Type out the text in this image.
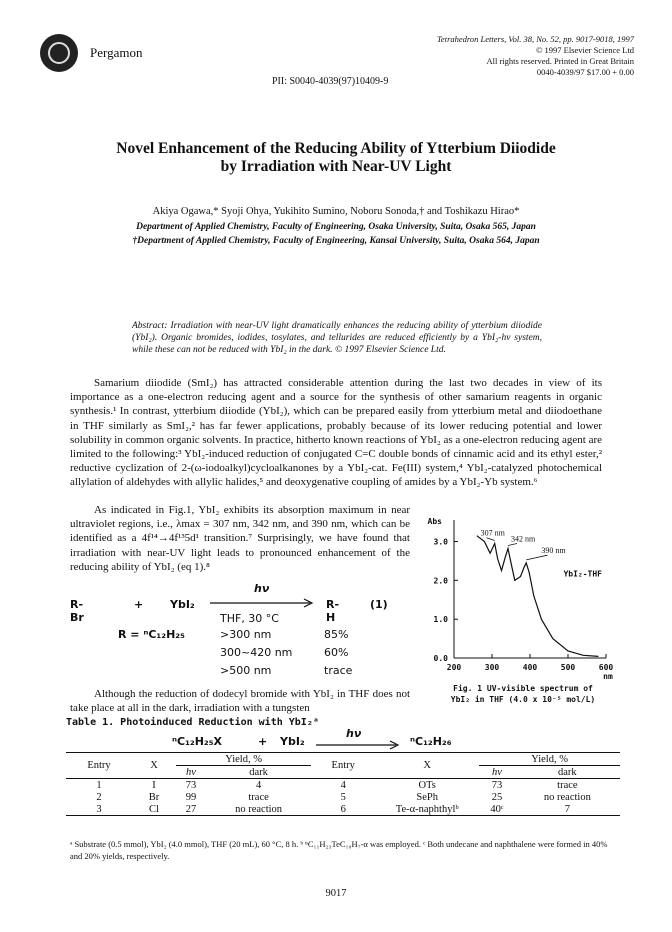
Pergamon
Tetrahedron Letters, Vol. 38, No. 52, pp. 9017-9018, 1997
© 1997 Elsevier Science Ltd
All rights reserved. Printed in Great Britain
0040-4039/97 $17.00 + 0.00
PII: S0040-4039(97)10409-9
Novel Enhancement of the Reducing Ability of Ytterbium Diiodide
by Irradiation with Near-UV Light
Akiya Ogawa,* Syoji Ohya, Yukihito Sumino, Noboru Sonoda,† and Toshikazu Hirao*
Department of Applied Chemistry, Faculty of Engineering, Osaka University, Suita, Osaka 565, Japan
†Department of Applied Chemistry, Faculty of Engineering, Kansai University, Suita, Osaka 564, Japan
Abstract: Irradiation with near-UV light dramatically enhances the reducing ability of ytterbium diiodide (YbI₂). Organic bromides, iodides, tosylates, and tellurides are reduced efficiently by a YbI₂-hν system, while these can not be reduced with YbI₂ in the dark. © 1997 Elsevier Science Ltd.
Samarium diiodide (SmI₂) has attracted considerable attention during the last two decades in view of its importance as a one-electron reducing agent and a source for the synthesis of other samarium reagents in organic synthesis.¹ In contrast, ytterbium diiodide (YbI₂), which can be prepared easily from ytterbium metal and diiodoethane in THF similarly as SmI₂,² has far fewer applications, probably because of its lower reducing potential and lower solubility in common organic solvents. In practice, hitherto known reactions of YbI₂ as a one-electron reducing agent are limited to the following:³ YbI₂-induced reduction of conjugated C=C double bonds of cinnamic acid and its ethyl ester,² reductive cyclization of 2-(ω-iodoalkyl)cycloalkanones by a YbI₂-cat. Fe(III) system,⁴ YbI₂-catalyzed photochemical allylation of aldehydes with allylic halides,⁵ and deoxygenative coupling of amides by a YbI₂-Yb system.⁶
As indicated in Fig.1, YbI₂ exhibits its absorption maximum in near ultraviolet regions, i.e., λmax = 307 nm, 342 nm, and 390 nm, which can be identified as a 4f¹⁴→4f¹³5d¹ transition.⁷ Surprisingly, we have found that irradiation with near-UV light leads to pronounced enhancement of the reducing ability of YbI₂ (eq 1).⁸
R-Br
+ YbI₂
hν
THF, 30 °C
R-H
(1)
R = ⁿC₁₂H₂₅	>300 nm	85%
300~420 nm	60%
>500 nm	trace
0.0
1.0
2.0
3.0
200	300	400	500	600
Abs
nm
YbI₂-THF
307 nm
342 nm
390 nm
Fig. 1 UV-visible spectrum of
YbI₂ in THF (4.0 x 10⁻⁵ mol/L)
Although the reduction of dodecyl bromide with YbI₂ in THF does not take place at all in the dark, irradiation with a tungsten
Table 1. Photoinduced Reduction with YbI₂ᵃ
ⁿC₁₂H₂₅X	+ YbI₂
hν
ⁿC₁₂H₂₆
Entry	X	Yield, %		Entry	X	Yield, %	
		hν	dark			hν	dark
1	I	73	4	4	OTs	73	trace
2	Br	99	trace	5	SePh	25	no reaction
3	Cl	27	no reaction	6	Te-α-naphthylᵇ	40ᶜ	7
ᵃ Substrate (0.5 mmol), YbI₂ (4.0 mmol), THF (20 mL), 60 °C, 8 h. ᵇ ⁿC₁₁H₂₃TeC₁₀H₇-α was employed. ᶜ Both undecane and naphthalene were formed in 40% and 20% yields, respectively.
9017
